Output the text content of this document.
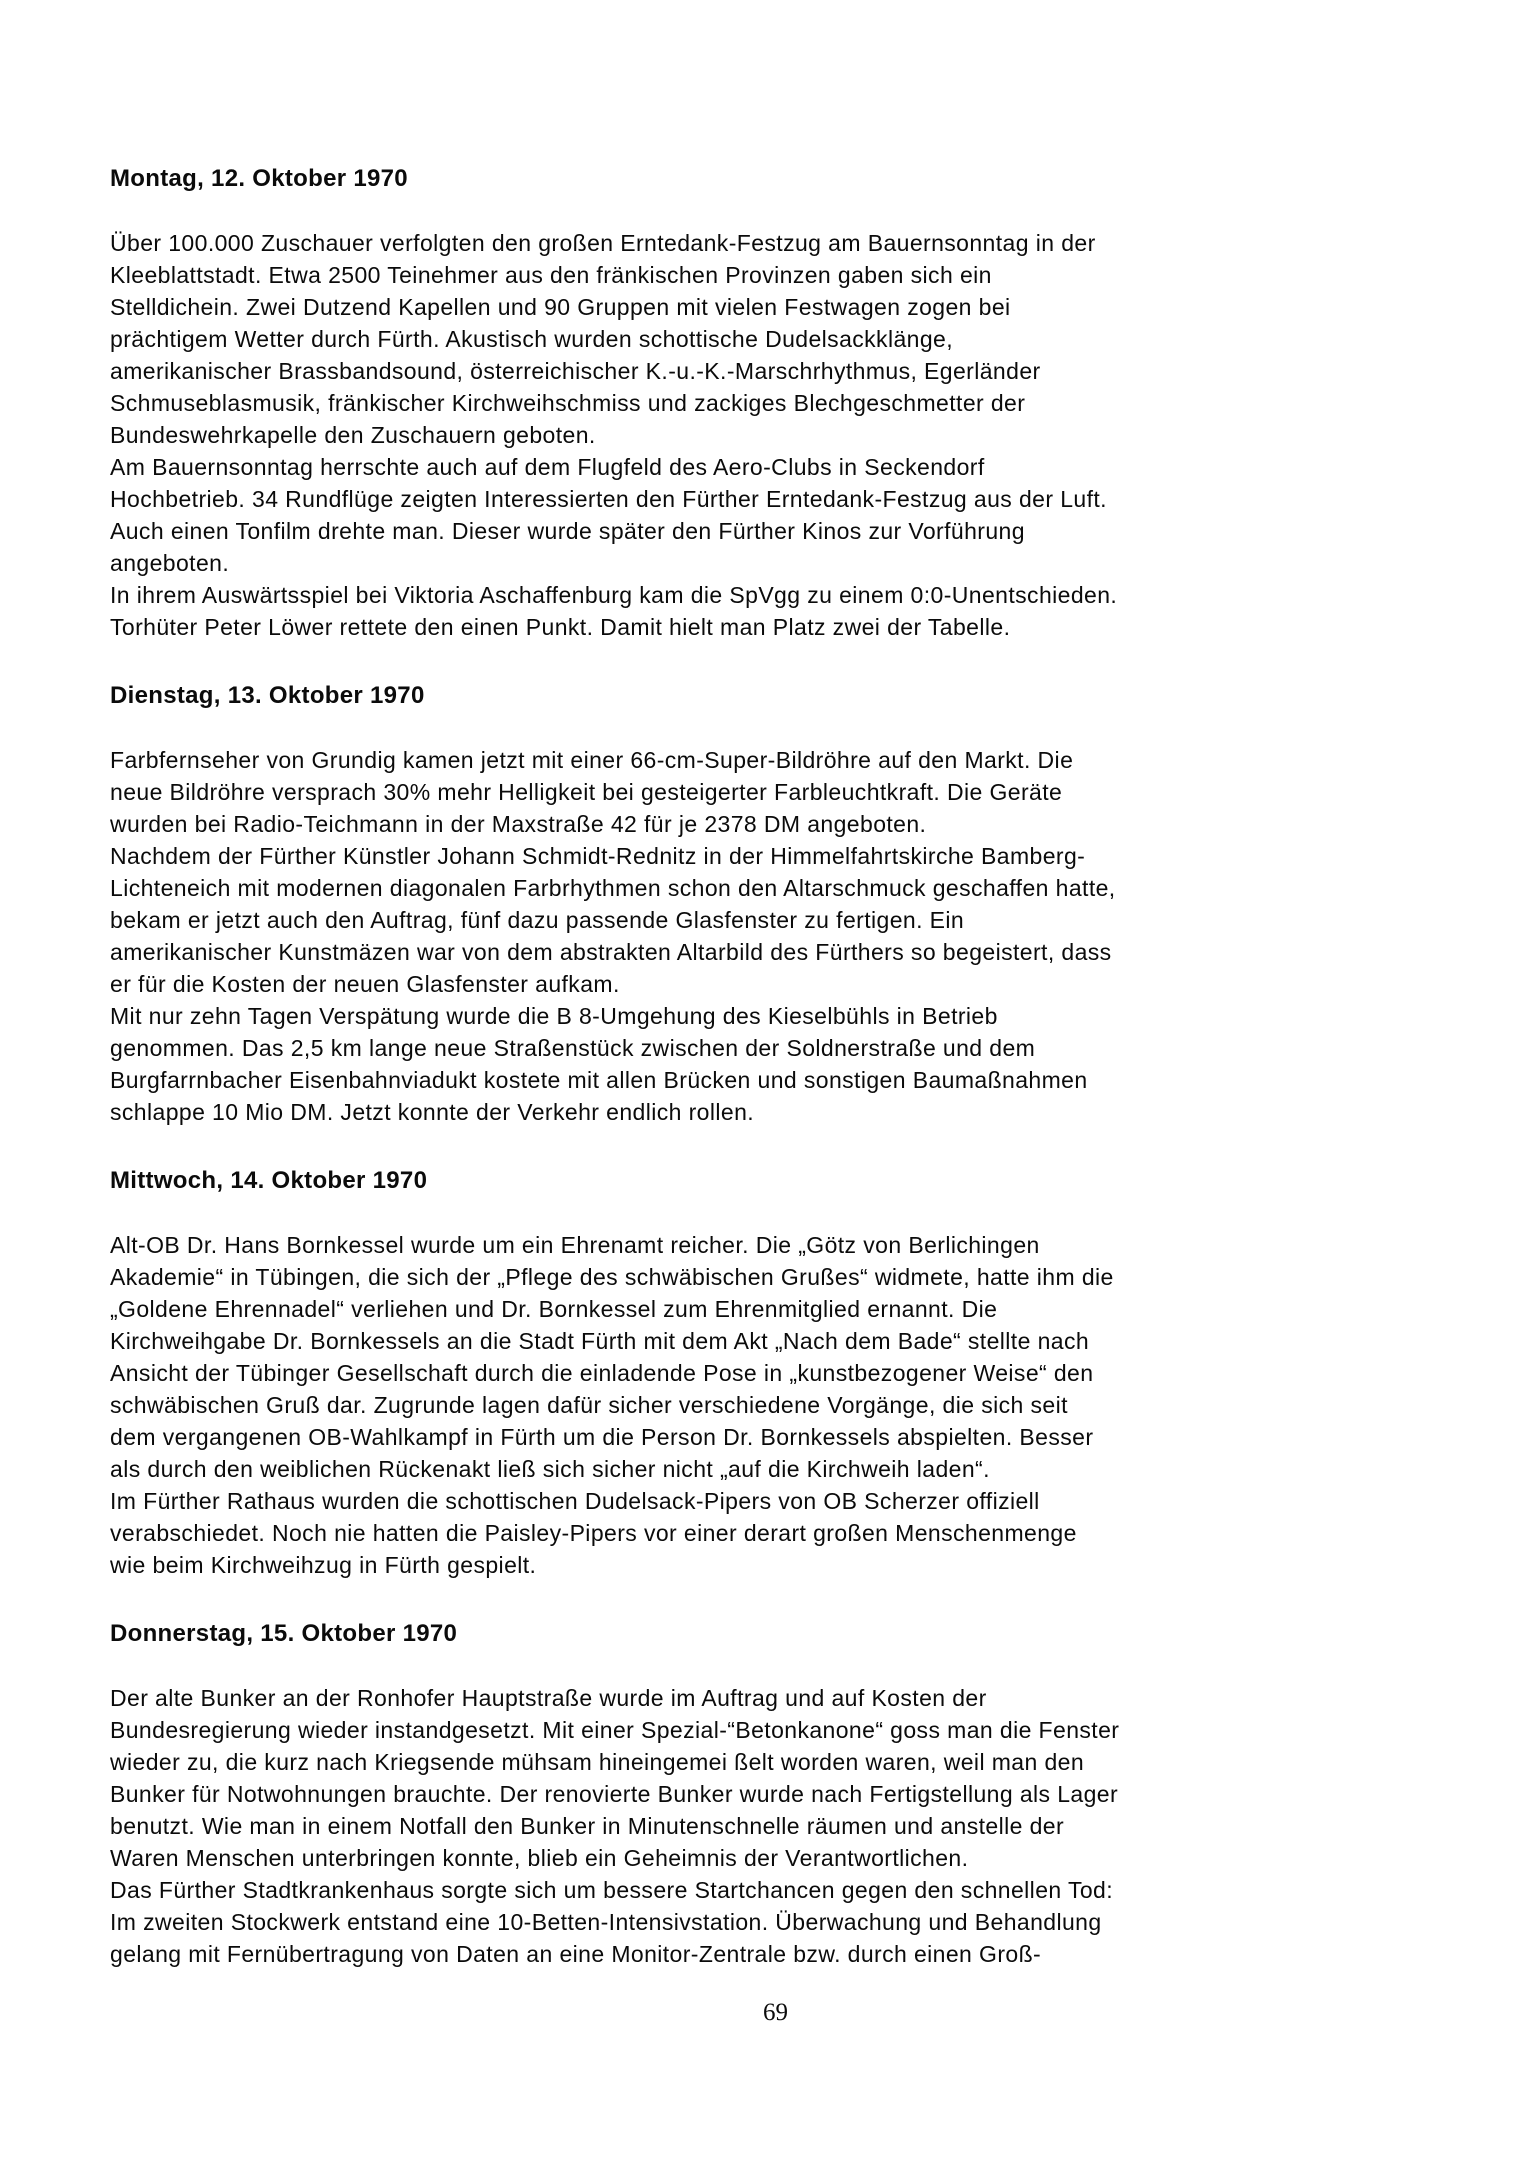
Montag, 12. Oktober 1970
Über 100.000 Zuschauer verfolgten den großen Erntedank-Festzug am Bauernsonntag in der
Kleeblattstadt. Etwa 2500 Teinehmer aus den fränkischen Provinzen gaben sich ein
Stelldichein. Zwei Dutzend Kapellen und 90 Gruppen mit vielen Festwagen zogen bei
prächtigem Wetter durch Fürth. Akustisch wurden schottische Dudelsackklänge,
amerikanischer Brassbandsound, österreichischer K.-u.-K.-Marschrhythmus, Egerländer
Schmuseblasmusik, fränkischer Kirchweihschmiss und zackiges Blechgeschmetter der
Bundeswehrkapelle den Zuschauern geboten.
Am Bauernsonntag herrschte auch auf dem Flugfeld des Aero-Clubs in Seckendorf
Hochbetrieb. 34 Rundflüge zeigten Interessierten den Fürther Erntedank-Festzug aus der Luft.
Auch einen Tonfilm drehte man. Dieser wurde später den Fürther Kinos zur Vorführung
angeboten.
In ihrem Auswärtsspiel bei Viktoria Aschaffenburg kam die SpVgg zu einem 0:0-Unentschieden.
Torhüter Peter Löwer rettete den einen Punkt. Damit hielt man Platz zwei der Tabelle.
Dienstag, 13. Oktober 1970
Farbfernseher von Grundig kamen jetzt mit einer 66-cm-Super-Bildröhre auf den Markt. Die
neue Bildröhre versprach 30% mehr Helligkeit bei gesteigerter Farbleuchtkraft. Die Geräte
wurden bei Radio-Teichmann in der Maxstraße 42 für je 2378 DM angeboten.
Nachdem der Fürther Künstler Johann Schmidt-Rednitz in der Himmelfahrtskirche Bamberg-
Lichteneich mit modernen diagonalen Farbrhythmen schon den Altarschmuck geschaffen hatte,
bekam er jetzt auch den Auftrag, fünf dazu passende Glasfenster zu fertigen. Ein
amerikanischer Kunstmäzen war von dem abstrakten Altarbild des Fürthers so begeistert, dass
er für die Kosten der neuen Glasfenster aufkam.
Mit nur zehn Tagen Verspätung wurde die B 8-Umgehung des Kieselbühls in Betrieb
genommen. Das 2,5 km lange neue Straßenstück zwischen der Soldnerstraße und dem
Burgfarrnbacher Eisenbahnviadukt kostete mit allen Brücken und sonstigen Baumaßnahmen
schlappe 10 Mio DM. Jetzt konnte der Verkehr endlich rollen.
Mittwoch, 14. Oktober 1970
Alt-OB Dr. Hans Bornkessel wurde um ein Ehrenamt reicher. Die „Götz von Berlichingen
Akademie“ in Tübingen, die sich der „Pflege des schwäbischen Grußes“ widmete, hatte ihm die
„Goldene Ehrennadel“ verliehen und Dr. Bornkessel zum Ehrenmitglied ernannt. Die
Kirchweihgabe Dr. Bornkessels an die Stadt Fürth mit dem Akt „Nach dem Bade“ stellte nach
Ansicht der Tübinger Gesellschaft durch die einladende Pose in „kunstbezogener Weise“ den
schwäbischen Gruß dar. Zugrunde lagen dafür sicher verschiedene Vorgänge, die sich seit
dem vergangenen OB-Wahlkampf in Fürth um die Person Dr. Bornkessels abspielten. Besser
als durch den weiblichen Rückenakt ließ sich sicher nicht „auf die Kirchweih laden“.
Im Fürther Rathaus wurden die schottischen Dudelsack-Pipers von OB Scherzer offiziell
verabschiedet. Noch nie hatten die Paisley-Pipers vor einer derart großen Menschenmenge
wie beim Kirchweihzug in Fürth gespielt.
Donnerstag, 15. Oktober 1970
Der alte Bunker an der Ronhofer Hauptstraße wurde im Auftrag und auf Kosten der
Bundesregierung wieder instandgesetzt. Mit einer Spezial-“Betonkanone“ goss man die Fenster
wieder zu, die kurz nach Kriegsende mühsam hineingemei ßelt worden waren, weil man den
Bunker für Notwohnungen brauchte. Der renovierte Bunker wurde nach Fertigstellung als Lager
benutzt. Wie man in einem Notfall den Bunker in Minutenschnelle räumen und anstelle der
Waren Menschen unterbringen konnte, blieb ein Geheimnis der Verantwortlichen.
Das Fürther Stadtkrankenhaus sorgte sich um bessere Startchancen gegen den schnellen Tod:
Im zweiten Stockwerk entstand eine 10-Betten-Intensivstation. Überwachung und Behandlung
gelang mit Fernübertragung von Daten an eine Monitor-Zentrale bzw. durch einen Groß-
69
